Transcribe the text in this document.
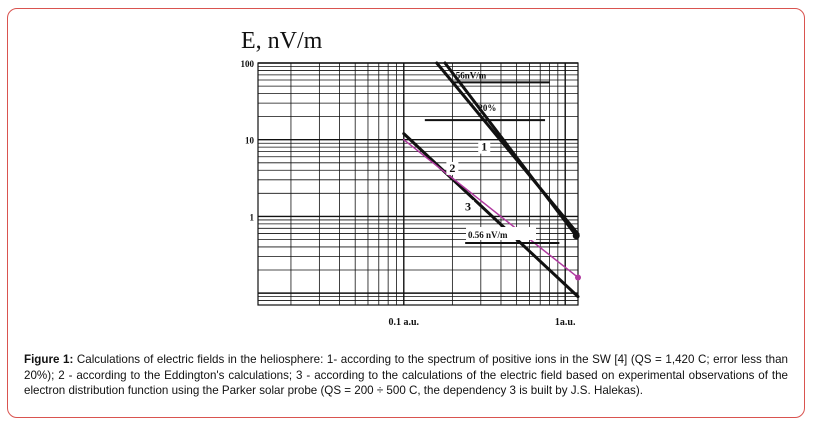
E, nV/m
100
10
1
0.1 a.u.	1a.u.
56nV/m
20%
1
2
3
0.56 nV/m
Figure 1: Calculations of electric fields in the heliosphere: 1- according to the spectrum of positive ions in the SW [4] (QS = 1,420 C; error less than 20%); 2 - according to the Eddington's calculations; 3 - according to the calculations of the electric field based on experimental observations of the electron distribution function using the Parker solar probe (QS = 200 ÷ 500 C, the dependency 3 is built by J.S. Halekas).
